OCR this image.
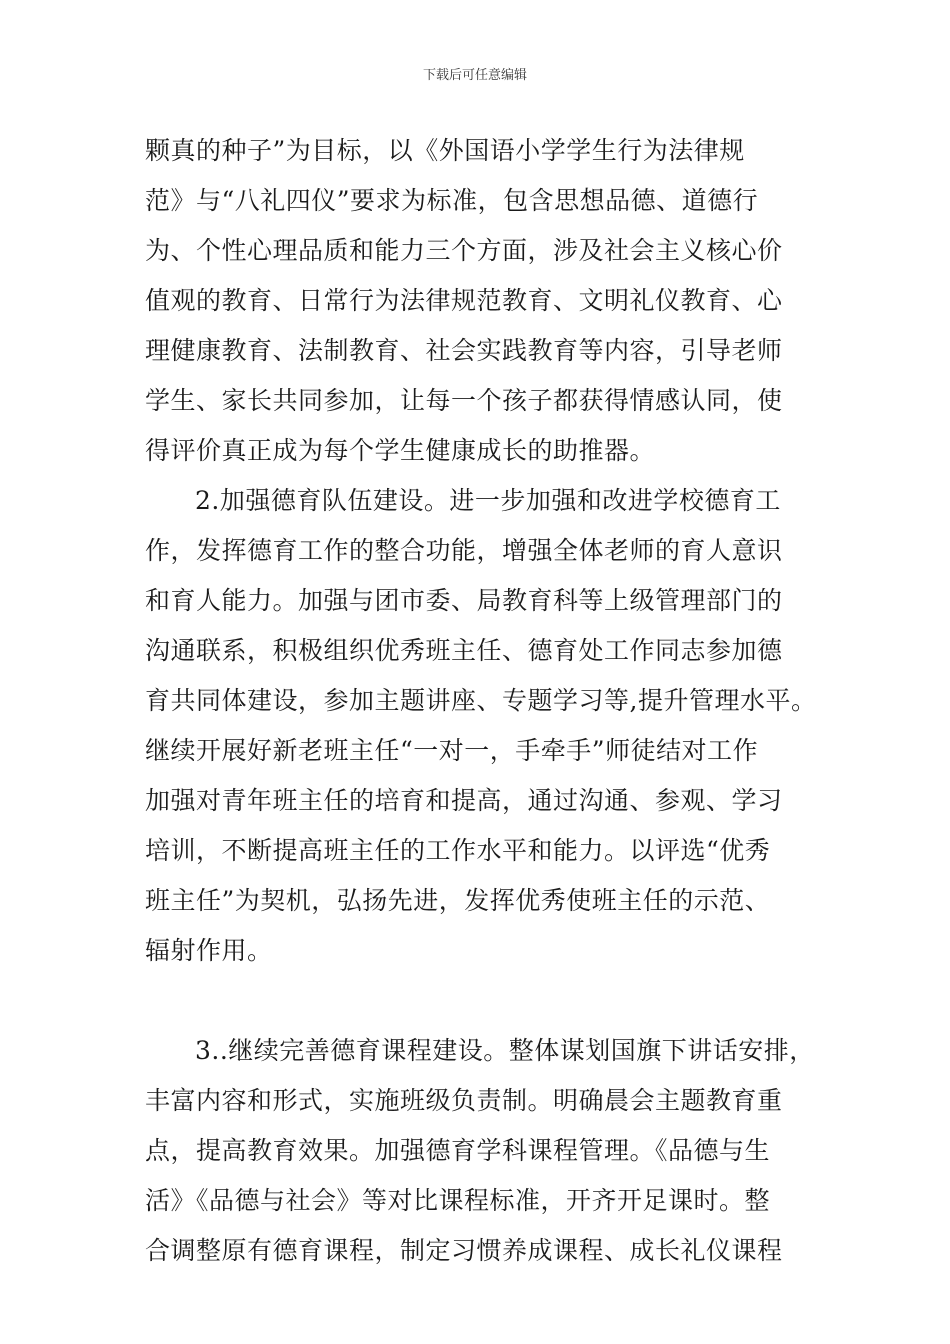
下载后可任意编辑
颗真的种子”为目标，以《外国语小学学生行为法律规
范》与“八礼四仪”要求为标准，包含思想品德、道德行
为、个性心理品质和能力三个方面，涉及社会主义核心价
值观的教育、日常行为法律规范教育、文明礼仪教育、心
理健康教育、法制教育、社会实践教育等内容，引导老师
学生、家长共同参加，让每一个孩子都获得情感认同，使
得评价真正成为每个学生健康成长的助推器。
2.加强德育队伍建设。进一步加强和改进学校德育工
作，发挥德育工作的整合功能，增强全体老师的育人意识
和育人能力。加强与团市委、局教育科等上级管理部门的
沟通联系，积极组织优秀班主任、德育处工作同志参加德
育共同体建设，参加主题讲座、专题学习等,提升管理水平。
继续开展好新老班主任“一对一，手牵手”师徒结对工作
加强对青年班主任的培育和提高，通过沟通、参观、学习
培训，不断提高班主任的工作水平和能力。以评选“优秀
班主任”为契机，弘扬先进，发挥优秀使班主任的示范、
辐射作用。
3..继续完善德育课程建设。整体谋划国旗下讲话安排，
丰富内容和形式，实施班级负责制。明确晨会主题教育重
点，提高教育效果。加强德育学科课程管理。《品德与生
活》《品德与社会》等对比课程标准，开齐开足课时。整
合调整原有德育课程，制定习惯养成课程、成长礼仪课程
